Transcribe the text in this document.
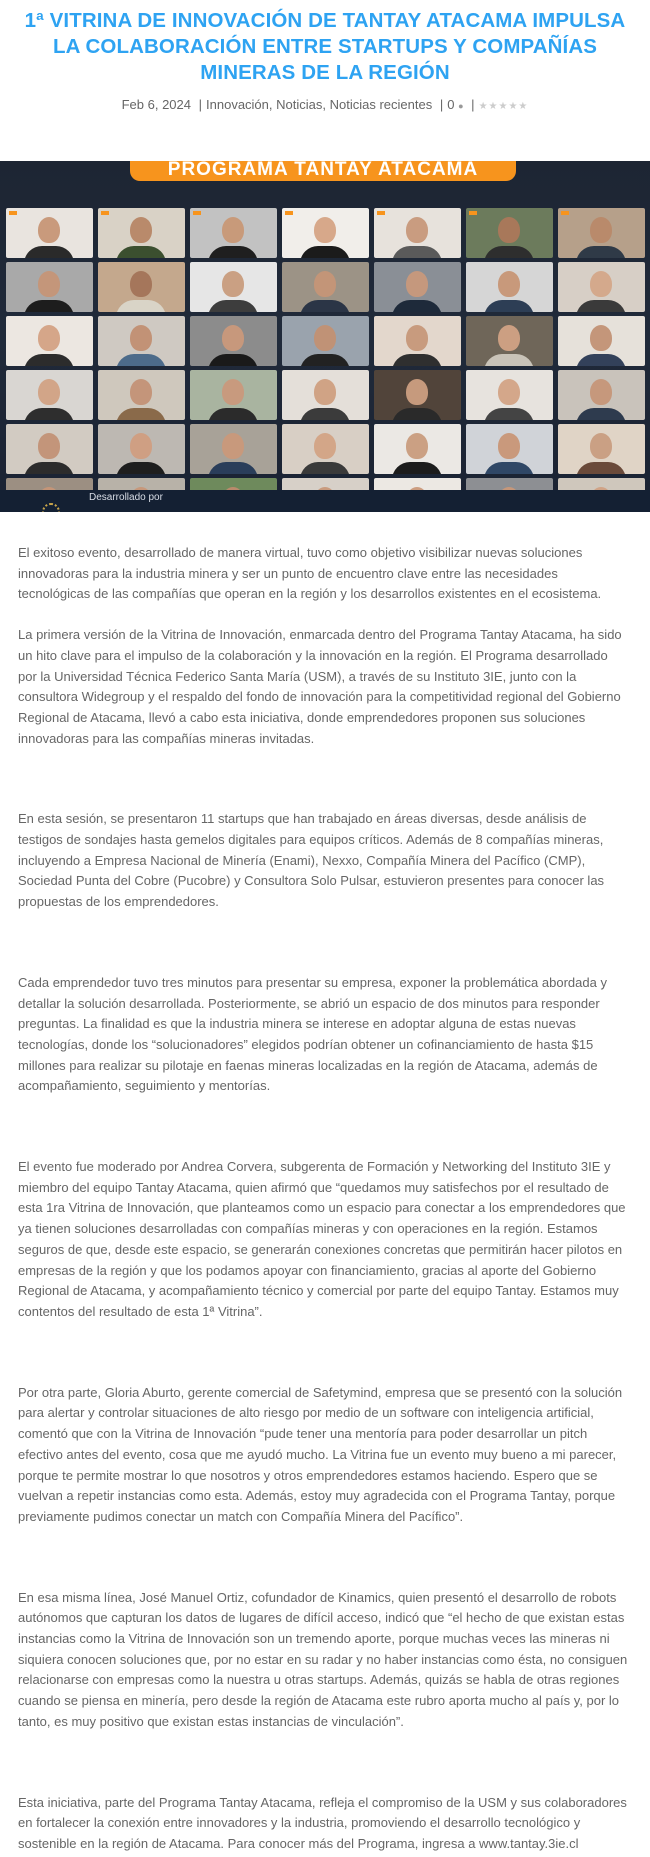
1ª VITRINA DE INNOVACIÓN DE TANTAY ATACAMA IMPULSA LA COLABORACIÓN ENTRE STARTUPS Y COMPAÑÍAS MINERAS DE LA REGIÓN
Feb 6, 2024 | Innovación, Noticias, Noticias recientes | 0 ● | ★★★★★
PROGRAMA TANTAY ATACAMA
Desarrollado por

El exitoso evento, desarrollado de manera virtual, tuvo como objetivo visibilizar nuevas soluciones innovadoras para la industria minera y ser un punto de encuentro clave entre las necesidades tecnológicas de las compañías que operan en la región y los desarrollos existentes en el ecosistema.

La primera versión de la Vitrina de Innovación, enmarcada dentro del Programa Tantay Atacama, ha sido un hito clave para el impulso de la colaboración y la innovación en la región. El Programa desarrollado por la Universidad Técnica Federico Santa María (USM), a través de su Instituto 3IE, junto con la consultora Widegroup y el respaldo del fondo de innovación para la competitividad regional del Gobierno Regional de Atacama, llevó a cabo esta iniciativa, donde emprendedores proponen sus soluciones innovadoras para las compañías mineras invitadas.

En esta sesión, se presentaron 11 startups que han trabajado en áreas diversas, desde análisis de testigos de sondajes hasta gemelos digitales para equipos críticos. Además de 8 compañías mineras, incluyendo a Empresa Nacional de Minería (Enami), Nexxo, Compañía Minera del Pacífico (CMP), Sociedad Punta del Cobre (Pucobre) y Consultora Solo Pulsar, estuvieron presentes para conocer las propuestas de los emprendedores.

Cada emprendedor tuvo tres minutos para presentar su empresa, exponer la problemática abordada y detallar la solución desarrollada. Posteriormente, se abrió un espacio de dos minutos para responder preguntas. La finalidad es que la industria minera se interese en adoptar alguna de estas nuevas tecnologías, donde los “solucionadores” elegidos podrían obtener un cofinanciamiento de hasta $15 millones para realizar su pilotaje en faenas mineras localizadas en la región de Atacama, además de acompañamiento, seguimiento y mentorías.

El evento fue moderado por Andrea Corvera, subgerenta de Formación y Networking del Instituto 3IE y miembro del equipo Tantay Atacama, quien afirmó que “quedamos muy satisfechos por el resultado de esta 1ra Vitrina de Innovación, que planteamos como un espacio para conectar a los emprendedores que ya tienen soluciones desarrolladas con compañías mineras y con operaciones en la región. Estamos seguros de que, desde este espacio, se generarán conexiones concretas que permitirán hacer pilotos en empresas de la región y que los podamos apoyar con financiamiento, gracias al aporte del Gobierno Regional de Atacama, y acompañamiento técnico y comercial por parte del equipo Tantay. Estamos muy contentos del resultado de esta 1ª Vitrina”.

Por otra parte, Gloria Aburto, gerente comercial de Safetymind, empresa que se presentó con la solución para alertar y controlar situaciones de alto riesgo por medio de un software con inteligencia artificial, comentó que con la Vitrina de Innovación “pude tener una mentoría para poder desarrollar un pitch efectivo antes del evento, cosa que me ayudó mucho. La Vitrina fue un evento muy bueno a mi parecer, porque te permite mostrar lo que nosotros y otros emprendedores estamos haciendo. Espero que se vuelvan a repetir instancias como esta. Además, estoy muy agradecida con el Programa Tantay, porque previamente pudimos conectar un match con Compañía Minera del Pacífico”.

En esa misma línea, José Manuel Ortiz, cofundador de Kinamics, quien presentó el desarrollo de robots autónomos que capturan los datos de lugares de difícil acceso, indicó que “el hecho de que existan estas instancias como la Vitrina de Innovación son un tremendo aporte, porque muchas veces las mineras ni siquiera conocen soluciones que, por no estar en su radar y no haber instancias como ésta, no consiguen relacionarse con empresas como la nuestra u otras startups. Además, quizás se habla de otras regiones cuando se piensa en minería, pero desde la región de Atacama este rubro aporta mucho al país y, por lo tanto, es muy positivo que existan estas instancias de vinculación”.

Esta iniciativa, parte del Programa Tantay Atacama, refleja el compromiso de la USM y sus colaboradores en fortalecer la conexión entre innovadores y la industria, promoviendo el desarrollo tecnológico y sostenible en la región de Atacama. Para conocer más del Programa, ingresa a www.tantay.3ie.cl
